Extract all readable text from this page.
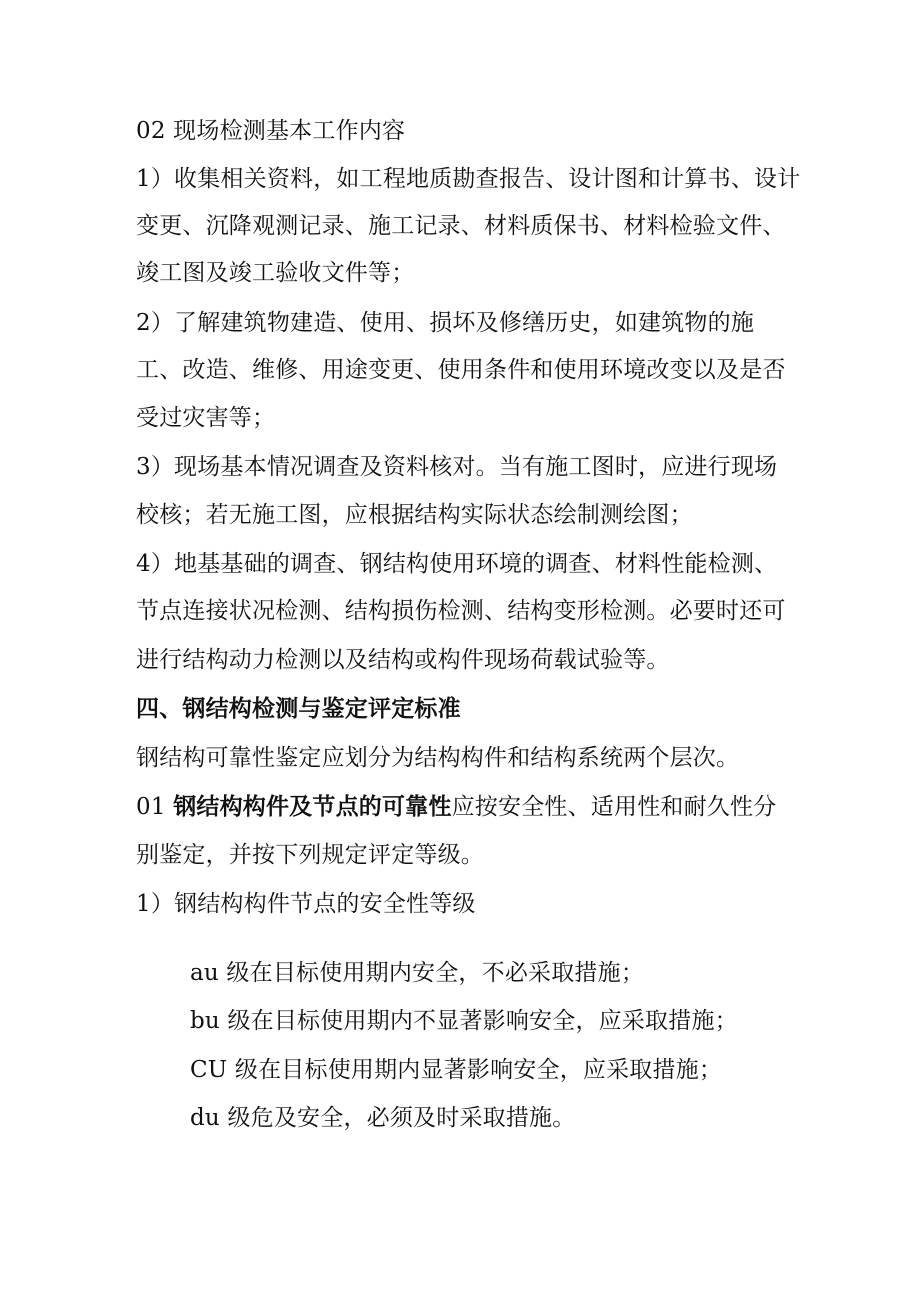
02 现场检测基本工作内容
1）收集相关资料，如工程地质勘查报告、设计图和计算书、设计
变更、沉降观测记录、施工记录、材料质保书、材料检验文件、
竣工图及竣工验收文件等；
2）了解建筑物建造、使用、损坏及修缮历史，如建筑物的施
工、改造、维修、用途变更、使用条件和使用环境改变以及是否
受过灾害等；
3）现场基本情况调查及资料核对。当有施工图时，应进行现场
校核；若无施工图，应根据结构实际状态绘制测绘图；
4）地基基础的调查、钢结构使用环境的调查、材料性能检测、
节点连接状况检测、结构损伤检测、结构变形检测。必要时还可
进行结构动力检测以及结构或构件现场荷载试验等。
四、钢结构检测与鉴定评定标准
钢结构可靠性鉴定应划分为结构构件和结构系统两个层次。
01 钢结构构件及节点的可靠性应按安全性、适用性和耐久性分
别鉴定，并按下列规定评定等级。
1）钢结构构件节点的安全性等级
au 级在目标使用期内安全，不必采取措施；
bu 级在目标使用期内不显著影响安全，应采取措施；
CU 级在目标使用期内显著影响安全，应采取措施；
du 级危及安全，必须及时采取措施。
